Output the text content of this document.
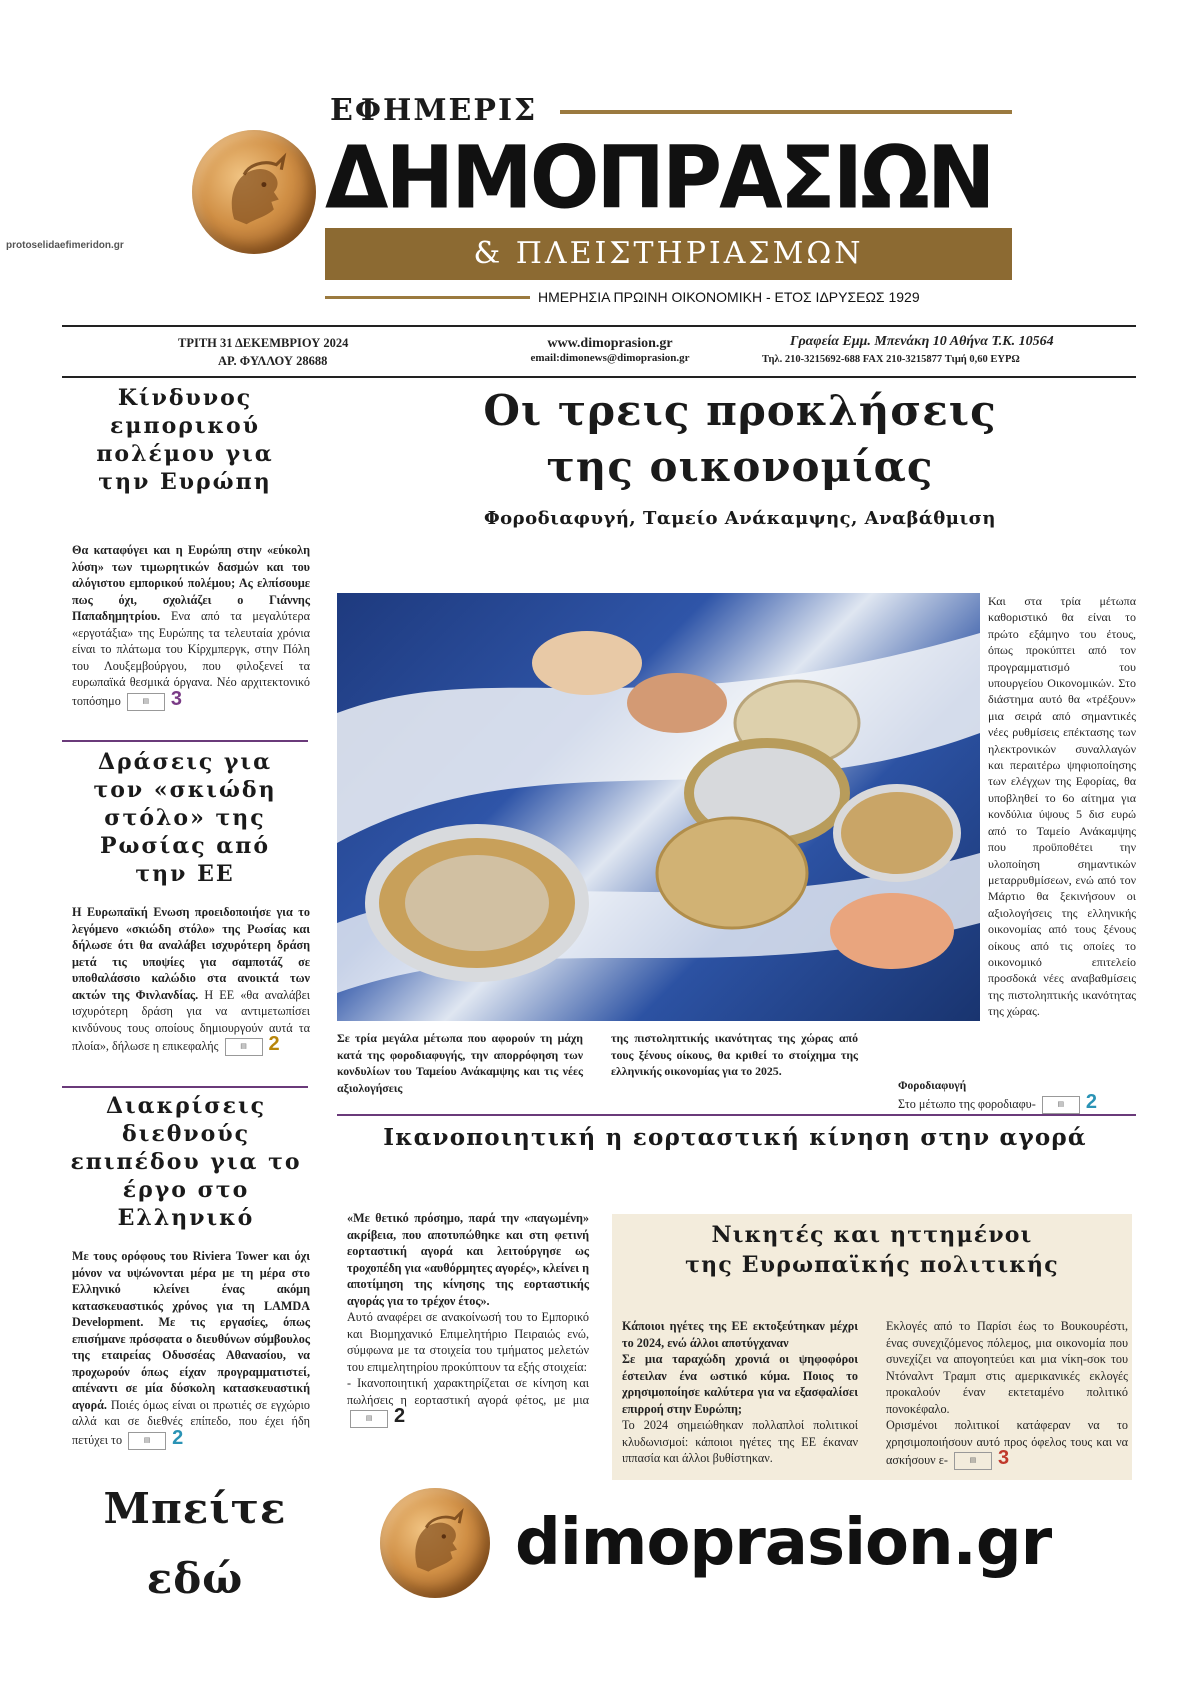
protoselidaefimeridon.gr
ΕΦΗΜΕΡΙΣ
ΔΗΜΟΠΡΑΣΙΩΝ
& ΠΛΕΙΣΤΗΡΙΑΣΜΩΝ
ΗΜΕΡΗΣΙΑ ΠΡΩΙΝΗ ΟΙΚΟΝΟΜΙΚΗ - ΕΤΟΣ ΙΔΡΥΣΕΩΣ 1929
ΤΡΙΤΗ 31 ΔΕΚΕΜΒΡΙΟΥ 2024
ΑΡ. ΦΥΛΛΟΥ 28688
www.dimoprasion.gr
email:dimonews@dimoprasion.gr
Γραφεία Εμμ. Μπενάκη 10 Αθήνα Τ.Κ. 10564
Τηλ. 210-3215692-688 FAX 210-3215877 Τιμή 0,60 ΕΥΡΩ
Οι τρεις προκλήσεις
της οικονομίας
Φοροδιαφυγή, Ταμείο Ανάκαμψης, Αναβάθμιση
Και στα τρία μέτωπα καθοριστικό θα είναι το πρώτο εξάμηνο του έτους, όπως προκύπτει από τον προγραμματισμό του υπουργείου Οικονομικών. Στο διάστημα αυτό θα «τρέξουν» μια σειρά από σημαντικές νέες ρυθμίσεις επέκτασης των ηλεκτρονικών συναλλαγών και περαιτέρω ψηφιοποίησης των ελέγχων της Εφορίας, θα υποβληθεί το 6ο αίτημα για κονδύλια ύψους 5 δισ ευρώ από το Ταμείο Ανάκαμψης που προϋποθέτει την υλοποίηση σημαντικών μεταρρυθμίσεων, ενώ από τον Μάρτιο θα ξεκινήσουν οι αξιολογήσεις της ελληνικής οικονομίας από τους ξένους οίκους από τις οποίες το οικονομικό επιτελείο προσδοκά νέες αναβαθμίσεις της πιστοληπτικής ικανότητας της χώρας.
Σε τρία μεγάλα μέτωπα που αφορούν τη μάχη κατά της φοροδιαφυγής, την απορρόφηση των κονδυλίων του Ταμείου Ανάκαμψης και τις νέες αξιολογήσεις
της πιστοληπτικής ικανότητας της χώρας από τους ξένους οίκους, θα κριθεί το στοίχημα της ελληνικής οικονομίας για το 2025.
Φοροδιαφυγή
Στο μέτωπο της φοροδιαφυ-	▤ 2
Κίνδυνος εμπορικού πολέμου για την Ευρώπη
Θα καταφύγει και η Ευρώπη στην «εύκολη λύση» των τιμωρητικών δασμών και του αλόγιστου εμπορικού πολέμου; Ας ελπίσουμε πως όχι, σχολιάζει ο Γιάννης Παπαδημητρίου. Ενα από τα μεγαλύτερα «εργοτάξια» της Ευρώπης τα τελευταία χρόνια είναι το πλάτωμα του Κίρχμπεργκ, στην Πόλη του Λουξεμβούργου, που φιλοξενεί τα ευρωπαϊκά θεσμικά όργανα. Νέο αρχιτεκτονικό τοπόσημο	▤ 3
Δράσεις για τον «σκιώδη στόλο» της Ρωσίας από την ΕΕ
Η Ευρωπαϊκή Ενωση προειδοποιήσε για το λεγόμενο «σκιώδη στόλο» της Ρωσίας και δήλωσε ότι θα αναλάβει ισχυρότερη δράση μετά τις υποψίες για σαμποτάζ σε υποθαλάσσιο καλώδιο στα ανοικτά των ακτών της Φινλανδίας. Η ΕΕ «θα αναλάβει ισχυρότερη δράση για να αντιμετωπίσει κινδύνους τους οποίους δημιουργούν αυτά τα πλοία», δήλωσε η επικεφαλής	▤ 2
Διακρίσεις διεθνούς επιπέδου για το έργο στο Ελληνικό
Με τους ορόφους του Riviera Tower και όχι μόνον να υψώνονται μέρα με τη μέρα στο Ελληνικό κλείνει ένας ακόμη κατασκευαστικός χρόνος για τη LAMDA Development. Με τις εργασίες, όπως επισήμανε πρόσφατα ο διευθύνων σύμβουλος της εταιρείας Οδυσσέας Αθανασίου, να προχωρούν όπως είχαν προγραμματιστεί, απέναντι σε μία δύσκολη κατασκευαστική αγορά. Ποιές όμως είναι οι πρωτιές σε εγχώριο αλλά και σε διεθνές επίπεδο, που έχει ήδη πετύχει το	▤ 2
Ικανοποιητική η εορταστική κίνηση στην αγορά
«Με θετικό πρόσημο, παρά την «παγωμένη» ακρίβεια, που αποτυπώθηκε και στη φετινή εορταστική αγορά και λειτούργησε ως τροχοπέδη για «αυθόρμητες αγορές», κλείνει η αποτίμηση της κίνησης της εορταστικής αγοράς για το τρέχον έτος».
Αυτό αναφέρει σε ανακοίνωσή του το Εμπορικό και Βιομηχανικό Επιμελητήριο Πειραιώς ενώ, σύμφωνα με τα στοιχεία του τμήματος μελετών του επιμελητηρίου προκύπτουν τα εξής στοιχεία:
- Ικανοποιητική χαρακτηρίζεται σε κίνηση και πωλήσεις η εορταστική αγορά φέτος, με μια ▤ 2
Νικητές και ηττημένοι
της Ευρωπαϊκής πολιτικής
Κάποιοι ηγέτες της ΕΕ εκτοξεύτηκαν μέχρι το 2024, ενώ άλλοι αποτύγχαναν
Σε μια ταραχώδη χρονιά οι ψηφοφόροι έστειλαν ένα ωστικό κύμα. Ποιος το χρησιμοποίησε καλύτερα για να εξασφαλίσει επιρροή στην Ευρώπη;
Το 2024 σημειώθηκαν πολλαπλοί πολιτικοί κλυδωνισμοί: κάποιοι ηγέτες της ΕΕ έκαναν ιππασία και άλλοι βυθίστηκαν.
Εκλογές από το Παρίσι έως το Βουκουρέστι, ένας συνεχιζόμενος πόλεμος, μια οικονομία που συνεχίζει να απογοητεύει και μια νίκη-σοκ του Ντόναλντ Τραμπ στις αμερικανικές εκλογές προκαλούν έναν εκτεταμένο πολιτικό πονοκέφαλο.
Ορισμένοι πολιτικοί κατάφεραν να το χρησιμοποιήσουν αυτό προς όφελος τους και να ασκήσουν ε-	▤ 3
Μπείτε
εδώ	dimoprasion.gr
